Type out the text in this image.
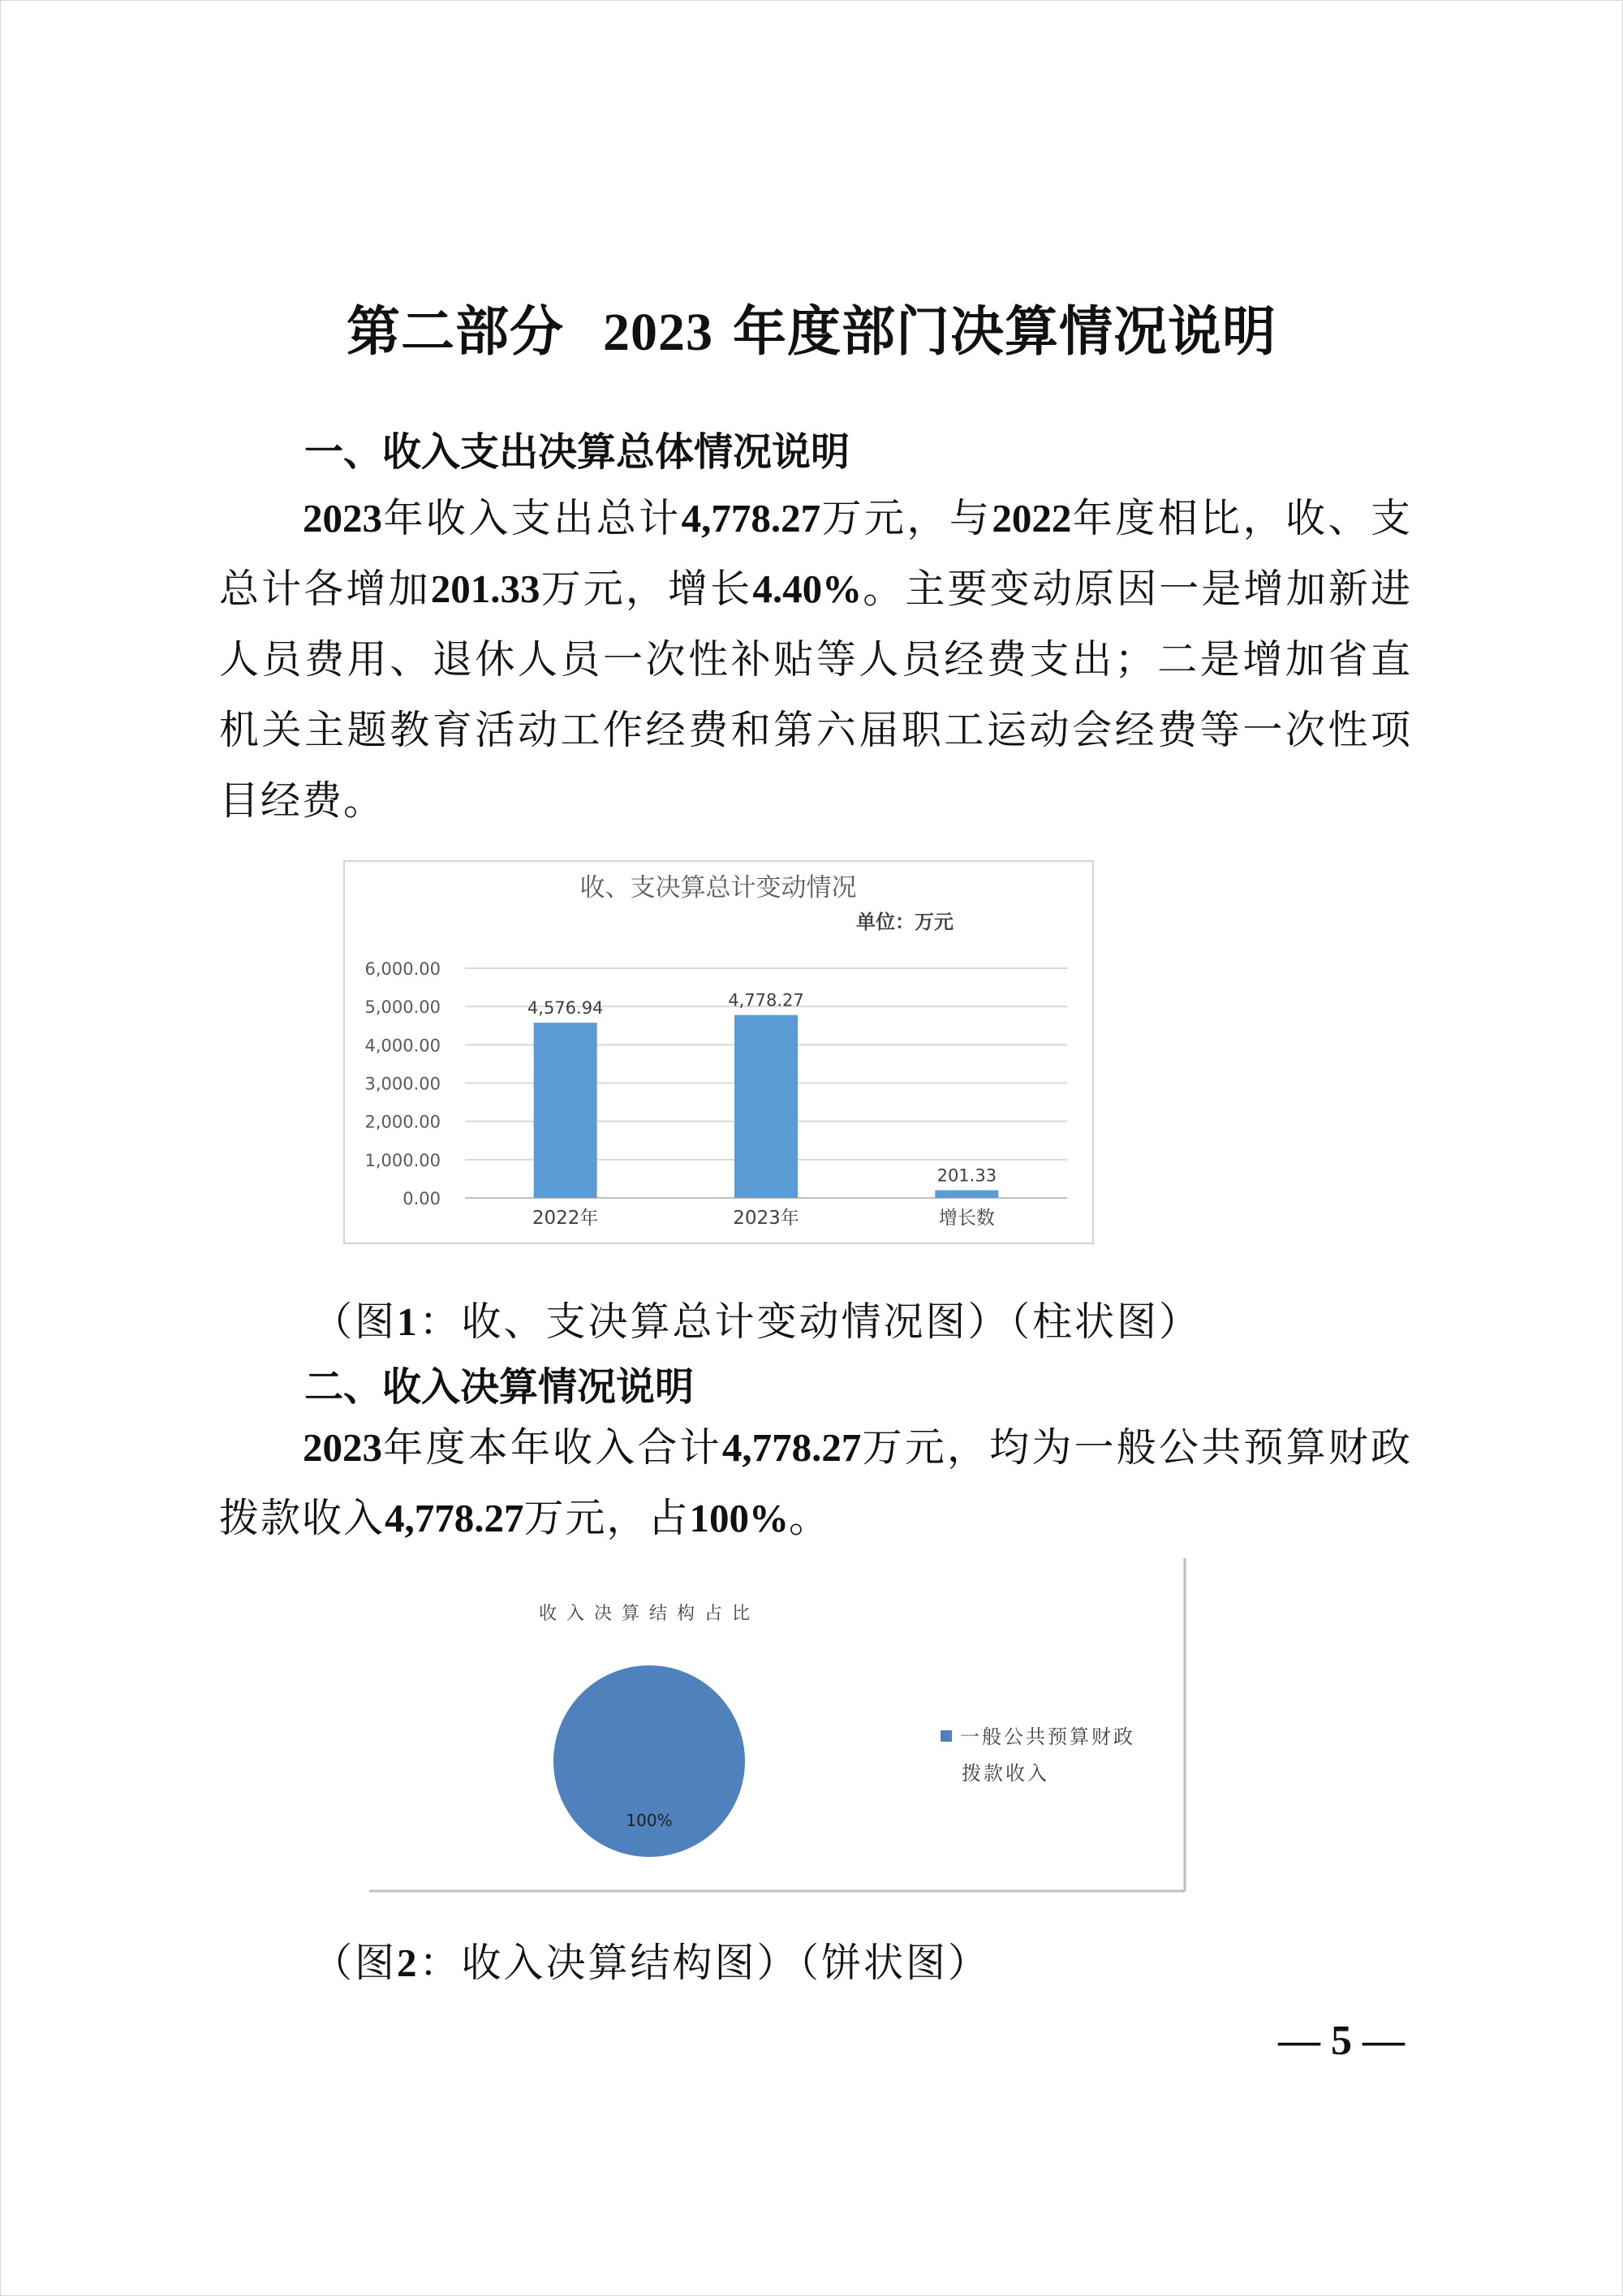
第二部分 2023 年度部门决算情况说明
一、收入支出决算总体情况说明
2023年收入支出总计4,778.27万元，与2022年度相比，收、支总计各增加201.33万元，增长4.40%。主要变动原因一是增加新进人员费用、退休人员一次性补贴等人员经费支出；二是增加省直机关主题教育活动工作经费和第六届职工运动会经费等一次性项目经费。
收、支决算总计变动情况
单位：万元
0.00
1,000.00
2,000.00
3,000.00
4,000.00
5,000.00
6,000.00
4,576.94
2022年
4,778.27
2023年
201.33
增长数
（图1：收、支决算总计变动情况图）（柱状图）
二、收入决算情况说明
2023年度本年收入合计4,778.27万元，均为一般公共预算财政拨款收入4,778.27万元，占100%。
收入决算结构占比
100%
一般公共预算财政
拨款收入
（图2：收入决算结构图）（饼状图）
— 5 —
